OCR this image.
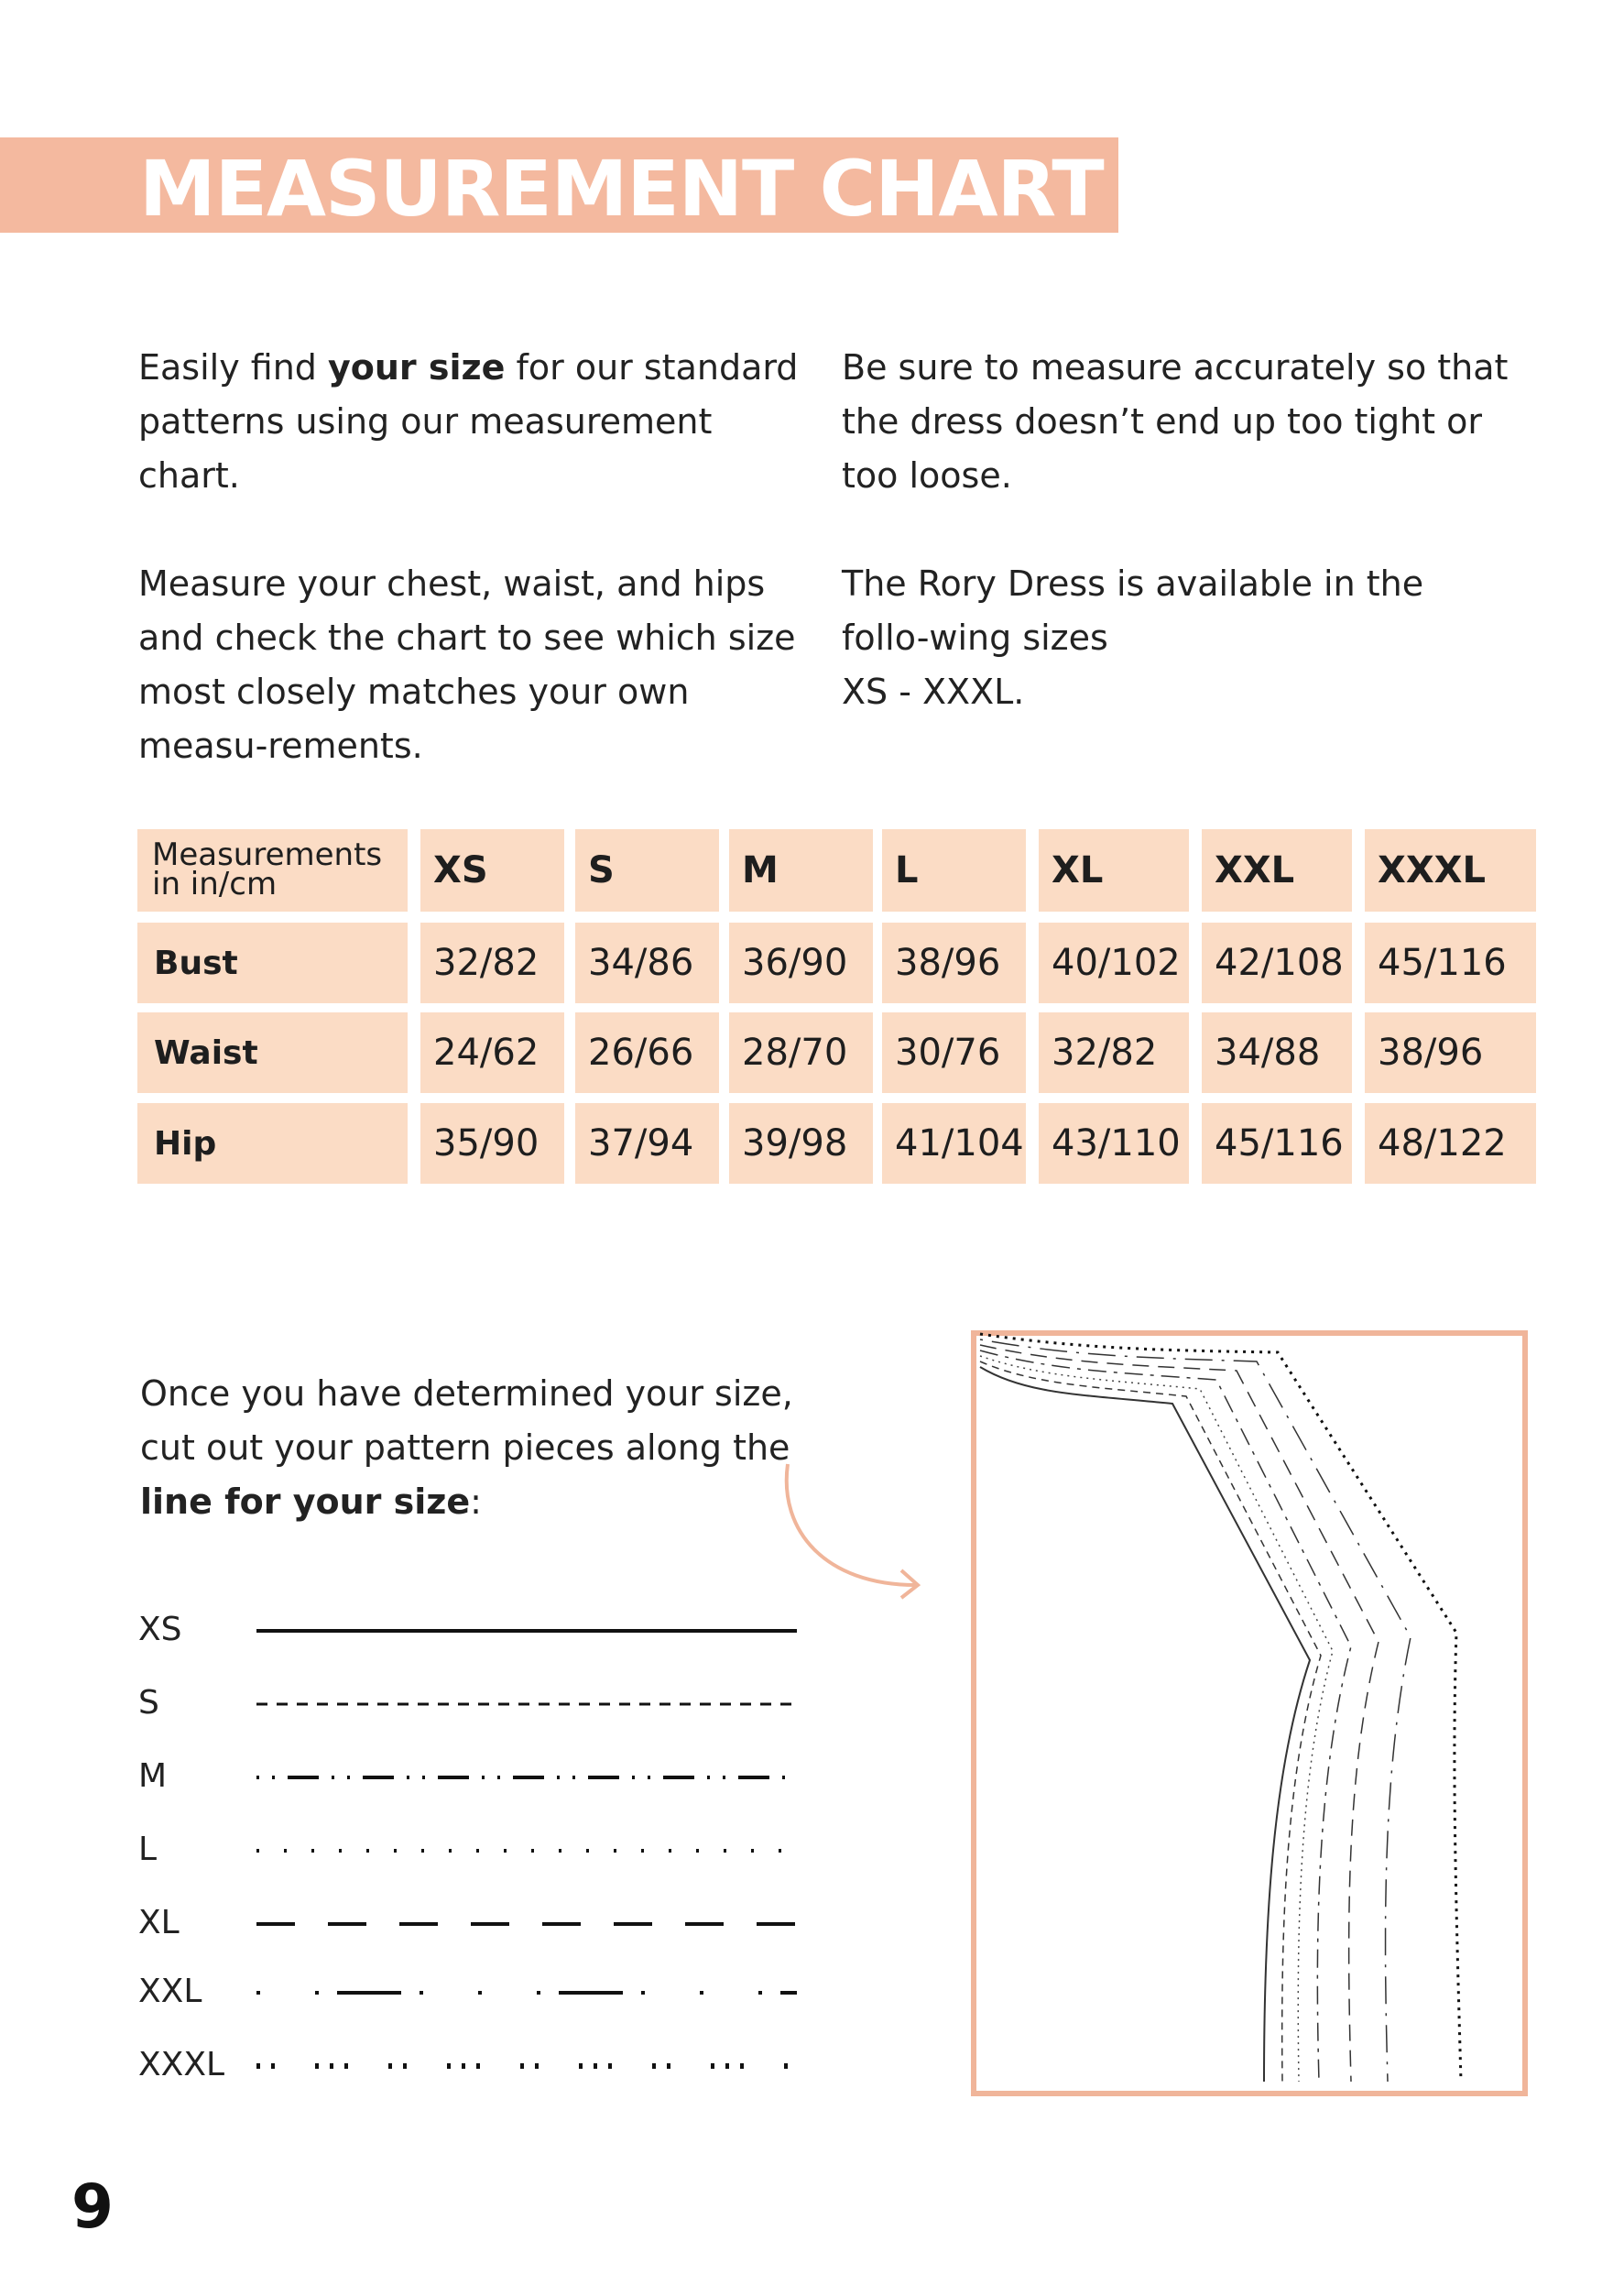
MEASUREMENT CHART

Easily find your size for our standard patterns using our measurement chart.

Measure your chest, waist, and hips and check the chart to see which size most closely matches your own measu-rements.

Be sure to measure accurately so that the dress doesn’t end up too tight or too loose.

The Rory Dress is available in the follo-wing sizes
XS - XXXL.

Measurements
in in/cm	XS	S	M	L	XL	XXL	XXXL
Bust	32/82	34/86	36/90	38/96	40/102 42/108 45/116
Waist	24/62	26/66	28/70	30/76	32/82	34/88	38/96
Hip	35/90	37/94	39/98	41/104 43/110 45/116 48/122
Once you have determined your size, cut out your pattern pieces along the line for your size:
XS
S
M
L
XL
XXL
XXXL
9
